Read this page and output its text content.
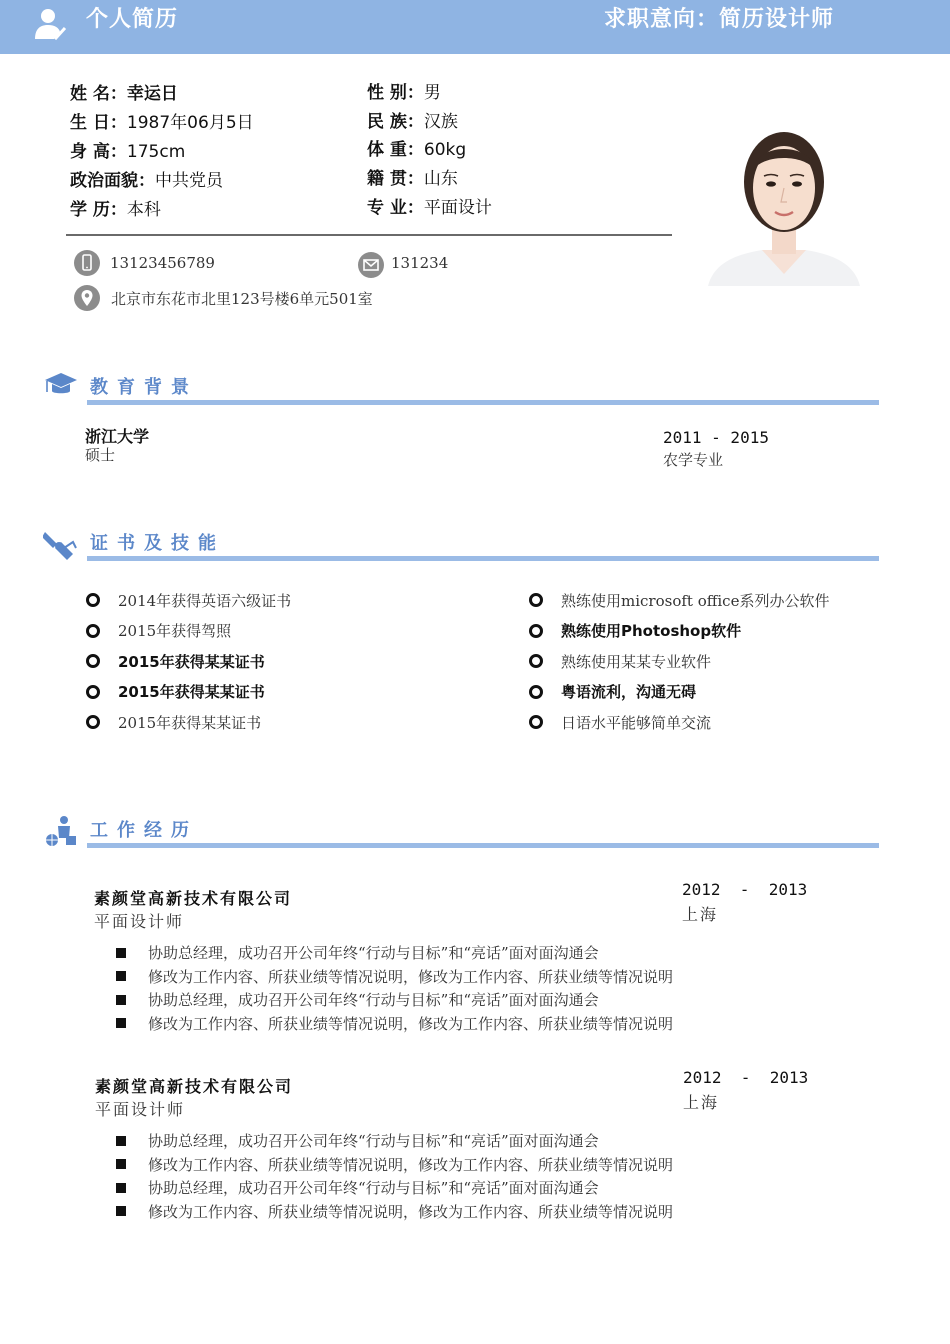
个人简历	求职意向：简历设计师
姓 名：幸运日
生 日：1987年06月5日
身 高：175cm
政治面貌：中共党员
学 历：本科
性 别：男
民 族：汉族
体 重：60kg
籍 贯：山东
专 业：平面设计
13123456789	131234
北京市东花市北里123号楼6单元501室
教育背景
浙江大学
硕士
2011 - 2015
农学专业
证书及技能
2014年获得英语六级证书
2015年获得驾照
2015年获得某某证书
2015年获得某某证书
2015年获得某某证书
熟练使用microsoft office系列办公软件
熟练使用Photoshop软件
熟练使用某某专业软件
粤语流利，沟通无碍
日语水平能够简单交流
工作经历
素颜堂高新技术有限公司
平面设计师
2012  -  2013
上海
协助总经理，成功召开公司年终“行动与目标”和“亮话”面对面沟通会
修改为工作内容、所获业绩等情况说明，修改为工作内容、所获业绩等情况说明
协助总经理，成功召开公司年终“行动与目标”和“亮话”面对面沟通会
修改为工作内容、所获业绩等情况说明，修改为工作内容、所获业绩等情况说明
素颜堂高新技术有限公司
平面设计师
2012  -  2013
上海
协助总经理，成功召开公司年终“行动与目标”和“亮话”面对面沟通会
修改为工作内容、所获业绩等情况说明，修改为工作内容、所获业绩等情况说明
协助总经理，成功召开公司年终“行动与目标”和“亮话”面对面沟通会
修改为工作内容、所获业绩等情况说明，修改为工作内容、所获业绩等情况说明
